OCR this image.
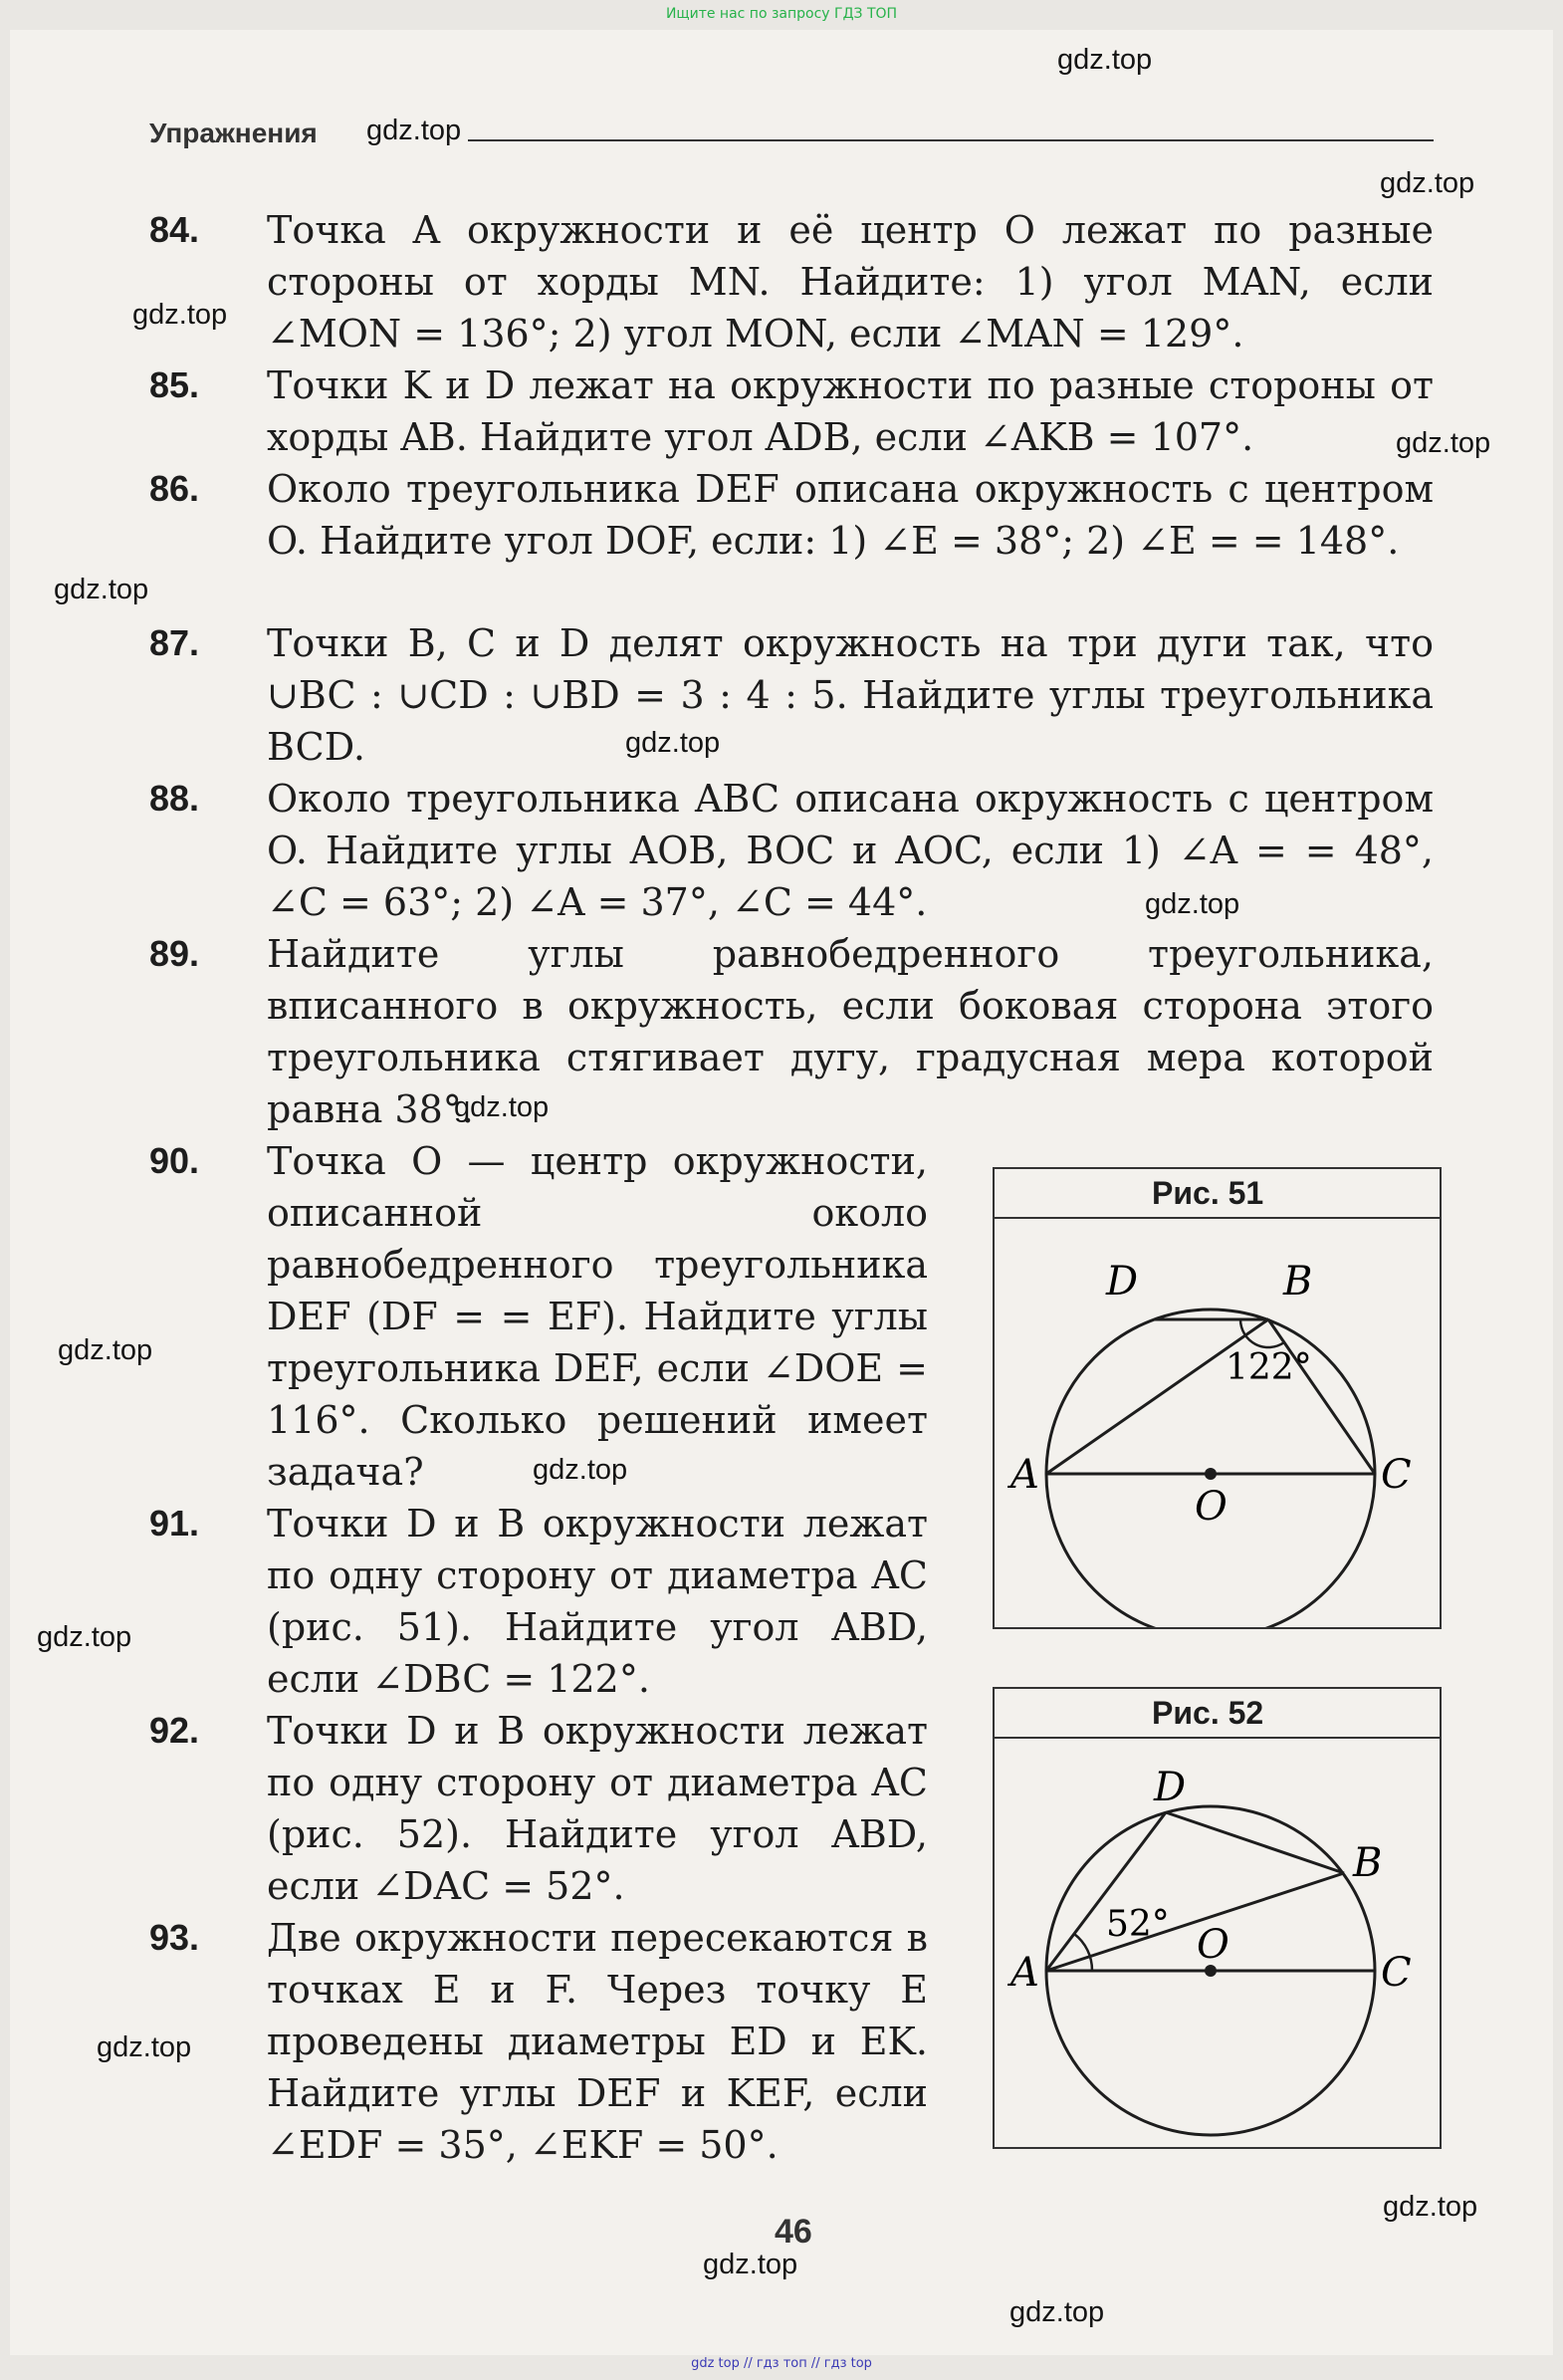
Ищите нас по запросу ГДЗ ТОП
gdz.top
gdz.top
gdz.top
gdz.top
gdz.top
gdz.top
gdz.top
gdz.top
gdz.top
gdz.top
gdz.top
gdz.top
gdz.top
gdz.top
gdz.top
gdz.top
Упражнения
84.	Точка A окружности и её центр O лежат по разные стороны от хорды MN. Найдите: 1) угол MAN, если ∠MON = 136°; 2) угол MON, если ∠MAN = 129°.
85.	Точки K и D лежат на окружности по разные стороны от хорды AB. Найдите угол ADB, если ∠AKB = 107°.
86.	Около треугольника DEF описана окружность с центром O. Найдите угол DOF, если: 1) ∠E = 38°; 2) ∠E = = 148°.
87.	Точки B, C и D делят окружность на три дуги так, что ∪BC : ∪CD : ∪BD = 3 : 4 : 5. Найдите углы треугольника BCD.
88.	Около треугольника ABC описана окружность с центром O. Найдите углы AOB, BOC и AOC, если 1) ∠A = = 48°, ∠C = 63°; 2) ∠A = 37°, ∠C = 44°.
89.	Найдите углы равнобедренного треугольника, вписанного в окружность, если боковая сторона этого треугольника стягивает дугу, градусная мера которой равна 38°.
90.	Точка O — центр окружности, описанной около равнобедренного треугольника DEF (DF = = EF). Найдите углы треугольника DEF, если ∠DOE = 116°. Сколько решений имеет задача?
91.	Точки D и B окружности лежат по одну сторону от диаметра AC (рис. 51). Найдите угол ABD, если ∠DBC = 122°.
92.	Точки D и B окружности лежат по одну сторону от диаметра AC (рис. 52). Найдите угол ABD, если ∠DAC = 52°.
93.	Две окружности пересекаются в точках E и F. Через точку E проведены диаметры ED и EK. Найдите углы DEF и KEF, если ∠EDF = 35°, ∠EKF = 50°.
Рис. 51
D	B
A	C
O
122°
Рис. 52
D
B
A	C
O
52°
46
gdz top // гдз топ // гдз top
